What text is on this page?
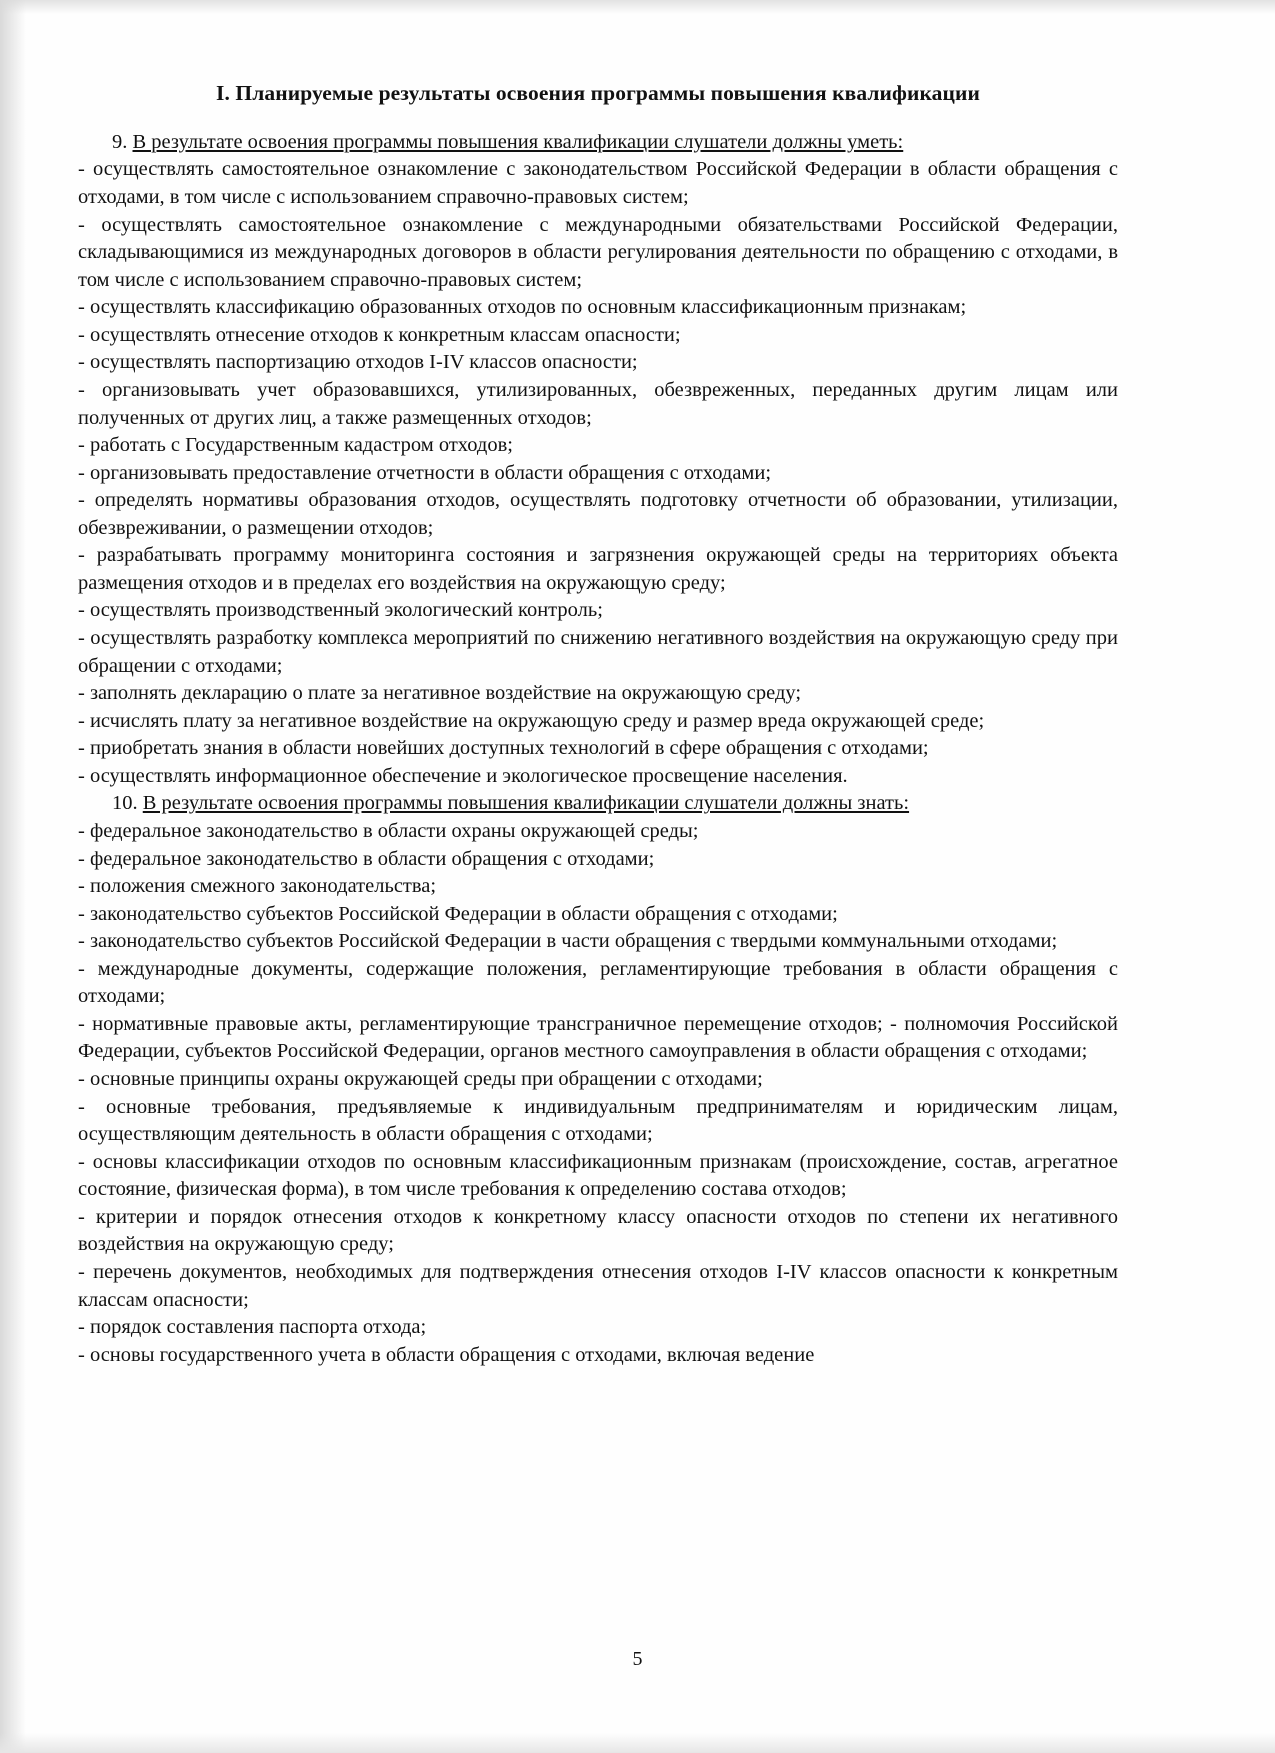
I. Планируемые результаты освоения программы повышения квалификации

9. В результате освоения программы повышения квалификации слушатели должны уметь:

- осуществлять самостоятельное ознакомление с законодательством Российской Федерации в области обращения с отходами, в том числе с использованием справочно-правовых систем;

- осуществлять самостоятельное ознакомление с международными обязательствами Российской Федерации, складывающимися из международных договоров в области регулирования деятельности по обращению с отходами, в том числе с использованием справочно-правовых систем;

- осуществлять классификацию образованных отходов по основным классификационным признакам;

- осуществлять отнесение отходов к конкретным классам опасности;

- осуществлять паспортизацию отходов I-IV классов опасности;

- организовывать учет образовавшихся, утилизированных, обезвреженных, переданных другим лицам или полученных от других лиц, а также размещенных отходов;

- работать с Государственным кадастром отходов;

- организовывать предоставление отчетности в области обращения с отходами;

- определять нормативы образования отходов, осуществлять подготовку отчетности об образовании, утилизации, обезвреживании, о размещении отходов;

- разрабатывать программу мониторинга состояния и загрязнения окружающей среды на территориях объекта размещения отходов и в пределах его воздействия на окружающую среду;

- осуществлять производственный экологический контроль;

- осуществлять разработку комплекса мероприятий по снижению негативного воздействия на окружающую среду при обращении с отходами;

- заполнять декларацию о плате за негативное воздействие на окружающую среду;

- исчислять плату за негативное воздействие на окружающую среду и размер вреда окружающей среде;

- приобретать знания в области новейших доступных технологий в сфере обращения с отходами;

- осуществлять информационное обеспечение и экологическое просвещение населения.

10. В результате освоения программы повышения квалификации слушатели должны знать:

- федеральное законодательство в области охраны окружающей среды;

- федеральное законодательство в области обращения с отходами;

- положения смежного законодательства;

- законодательство субъектов Российской Федерации в области обращения с отходами;

- законодательство субъектов Российской Федерации в части обращения с твердыми коммунальными отходами;

- международные документы, содержащие положения, регламентирующие требования в области обращения с отходами;

- нормативные правовые акты, регламентирующие трансграничное перемещение отходов; - полномочия Российской Федерации, субъектов Российской Федерации, органов местного самоуправления в области обращения с отходами;

- основные принципы охраны окружающей среды при обращении с отходами;

- основные требования, предъявляемые к индивидуальным предпринимателям и юридическим лицам, осуществляющим деятельность в области обращения с отходами;

- основы классификации отходов по основным классификационным признакам (происхождение, состав, агрегатное состояние, физическая форма), в том числе требования к определению состава отходов;

- критерии и порядок отнесения отходов к конкретному классу опасности отходов по степени их негативного воздействия на окружающую среду;

- перечень документов, необходимых для подтверждения отнесения отходов I-IV классов опасности к конкретным классам опасности;

- порядок составления паспорта отхода;

- основы государственного учета в области обращения с отходами, включая ведение

5
